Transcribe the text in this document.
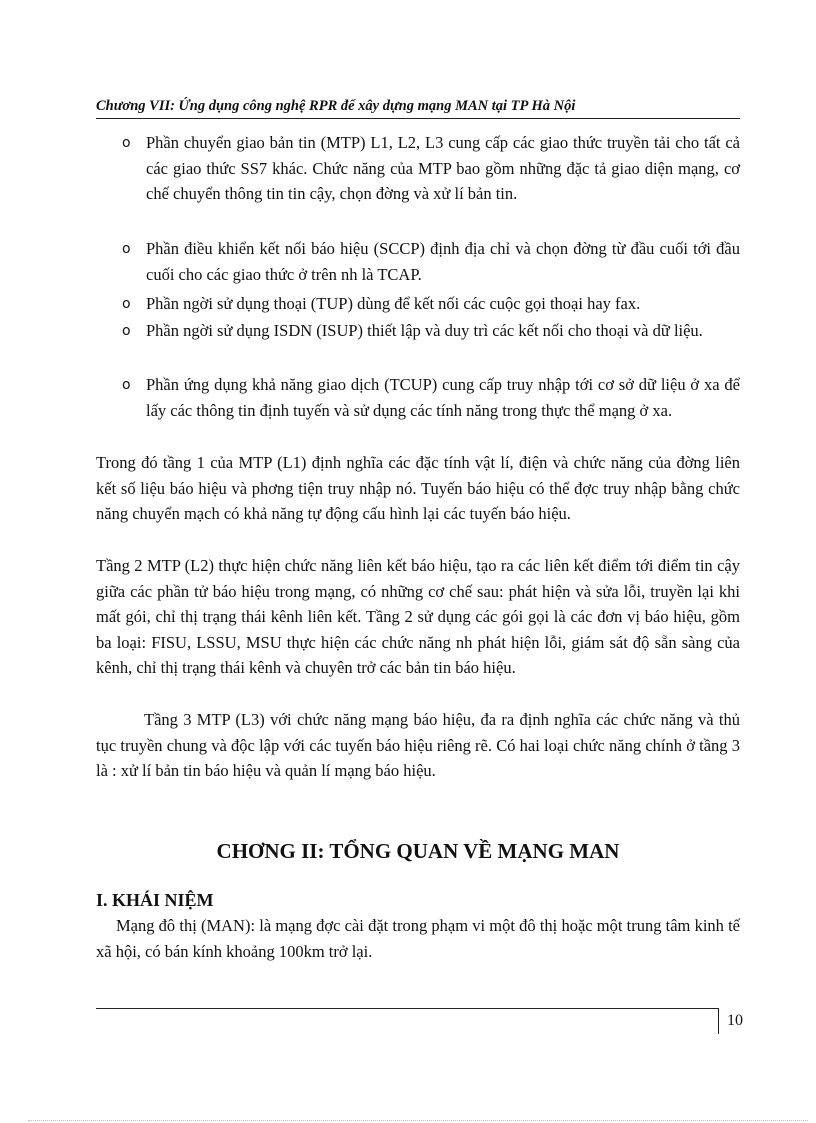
Chương VII: Ứng dụng công nghệ RPR để xây dựng mạng MAN tại TP Hà Nội
o Phần chuyển giao bản tin (MTP) L1, L2, L3 cung cấp các giao thức truyền tải cho tất cả các giao thức SS7 khác. Chức năng của MTP bao gồm những đặc tả giao diện mạng, cơ chế chuyển thông tin tin cậy, chọn đờng và xử lí bản tin.
o Phần điều khiển kết nối báo hiệu (SCCP) định địa chỉ và chọn đờng từ đầu cuối tới đầu cuối cho các giao thức ở trên nh là TCAP.
o Phần ngời sử dụng thoại (TUP) dùng để kết nối các cuộc gọi thoại hay fax.
o Phần ngời sử dụng ISDN (ISUP) thiết lập và duy trì các kết nối cho thoại và dữ liệu.
o Phần ứng dụng khả năng giao dịch (TCUP) cung cấp truy nhập tới cơ sở dữ liệu ở xa để lấy các thông tin định tuyến và sử dụng các tính năng trong thực thể mạng ở xa.
Trong đó tầng 1 của MTP (L1) định nghĩa các đặc tính vật lí, điện và chức năng của đờng liên kết số liệu báo hiệu và phơng tiện truy nhập nó. Tuyến báo hiệu có thể đợc truy nhập bằng chức năng chuyển mạch có khả năng tự động cấu hình lại các tuyến báo hiệu.
Tầng 2 MTP (L2) thực hiện chức năng liên kết báo hiệu, tạo ra các liên kết điểm tới điểm tin cậy giữa các phần tử báo hiệu trong mạng, có những cơ chế sau: phát hiện và sửa lỗi, truyền lại khi mất gói, chỉ thị trạng thái kênh liên kết. Tầng 2 sử dụng các gói gọi là các đơn vị báo hiệu, gồm ba loại: FISU, LSSU, MSU thực hiện các chức năng nh phát hiện lỗi, giám sát độ sẵn sàng của kênh, chỉ thị trạng thái kênh và chuyên trở các bản tin báo hiệu.
Tầng 3 MTP (L3) với chức năng mạng báo hiệu, đa ra định nghĩa các chức năng và thủ tục truyền chung và độc lập với các tuyến báo hiệu riêng rẽ. Có hai loại chức năng chính ở tầng 3 là : xử lí bản tin báo hiệu và quản lí mạng báo hiệu.
CHƠNG II: TỔNG QUAN VỀ MẠNG MAN
I. KHÁI NIỆM
Mạng đô thị (MAN): là mạng đợc cài đặt trong phạm vi một đô thị hoặc một trung tâm kinh tế xã hội, có bán kính khoảng 100km trở lại.
10
